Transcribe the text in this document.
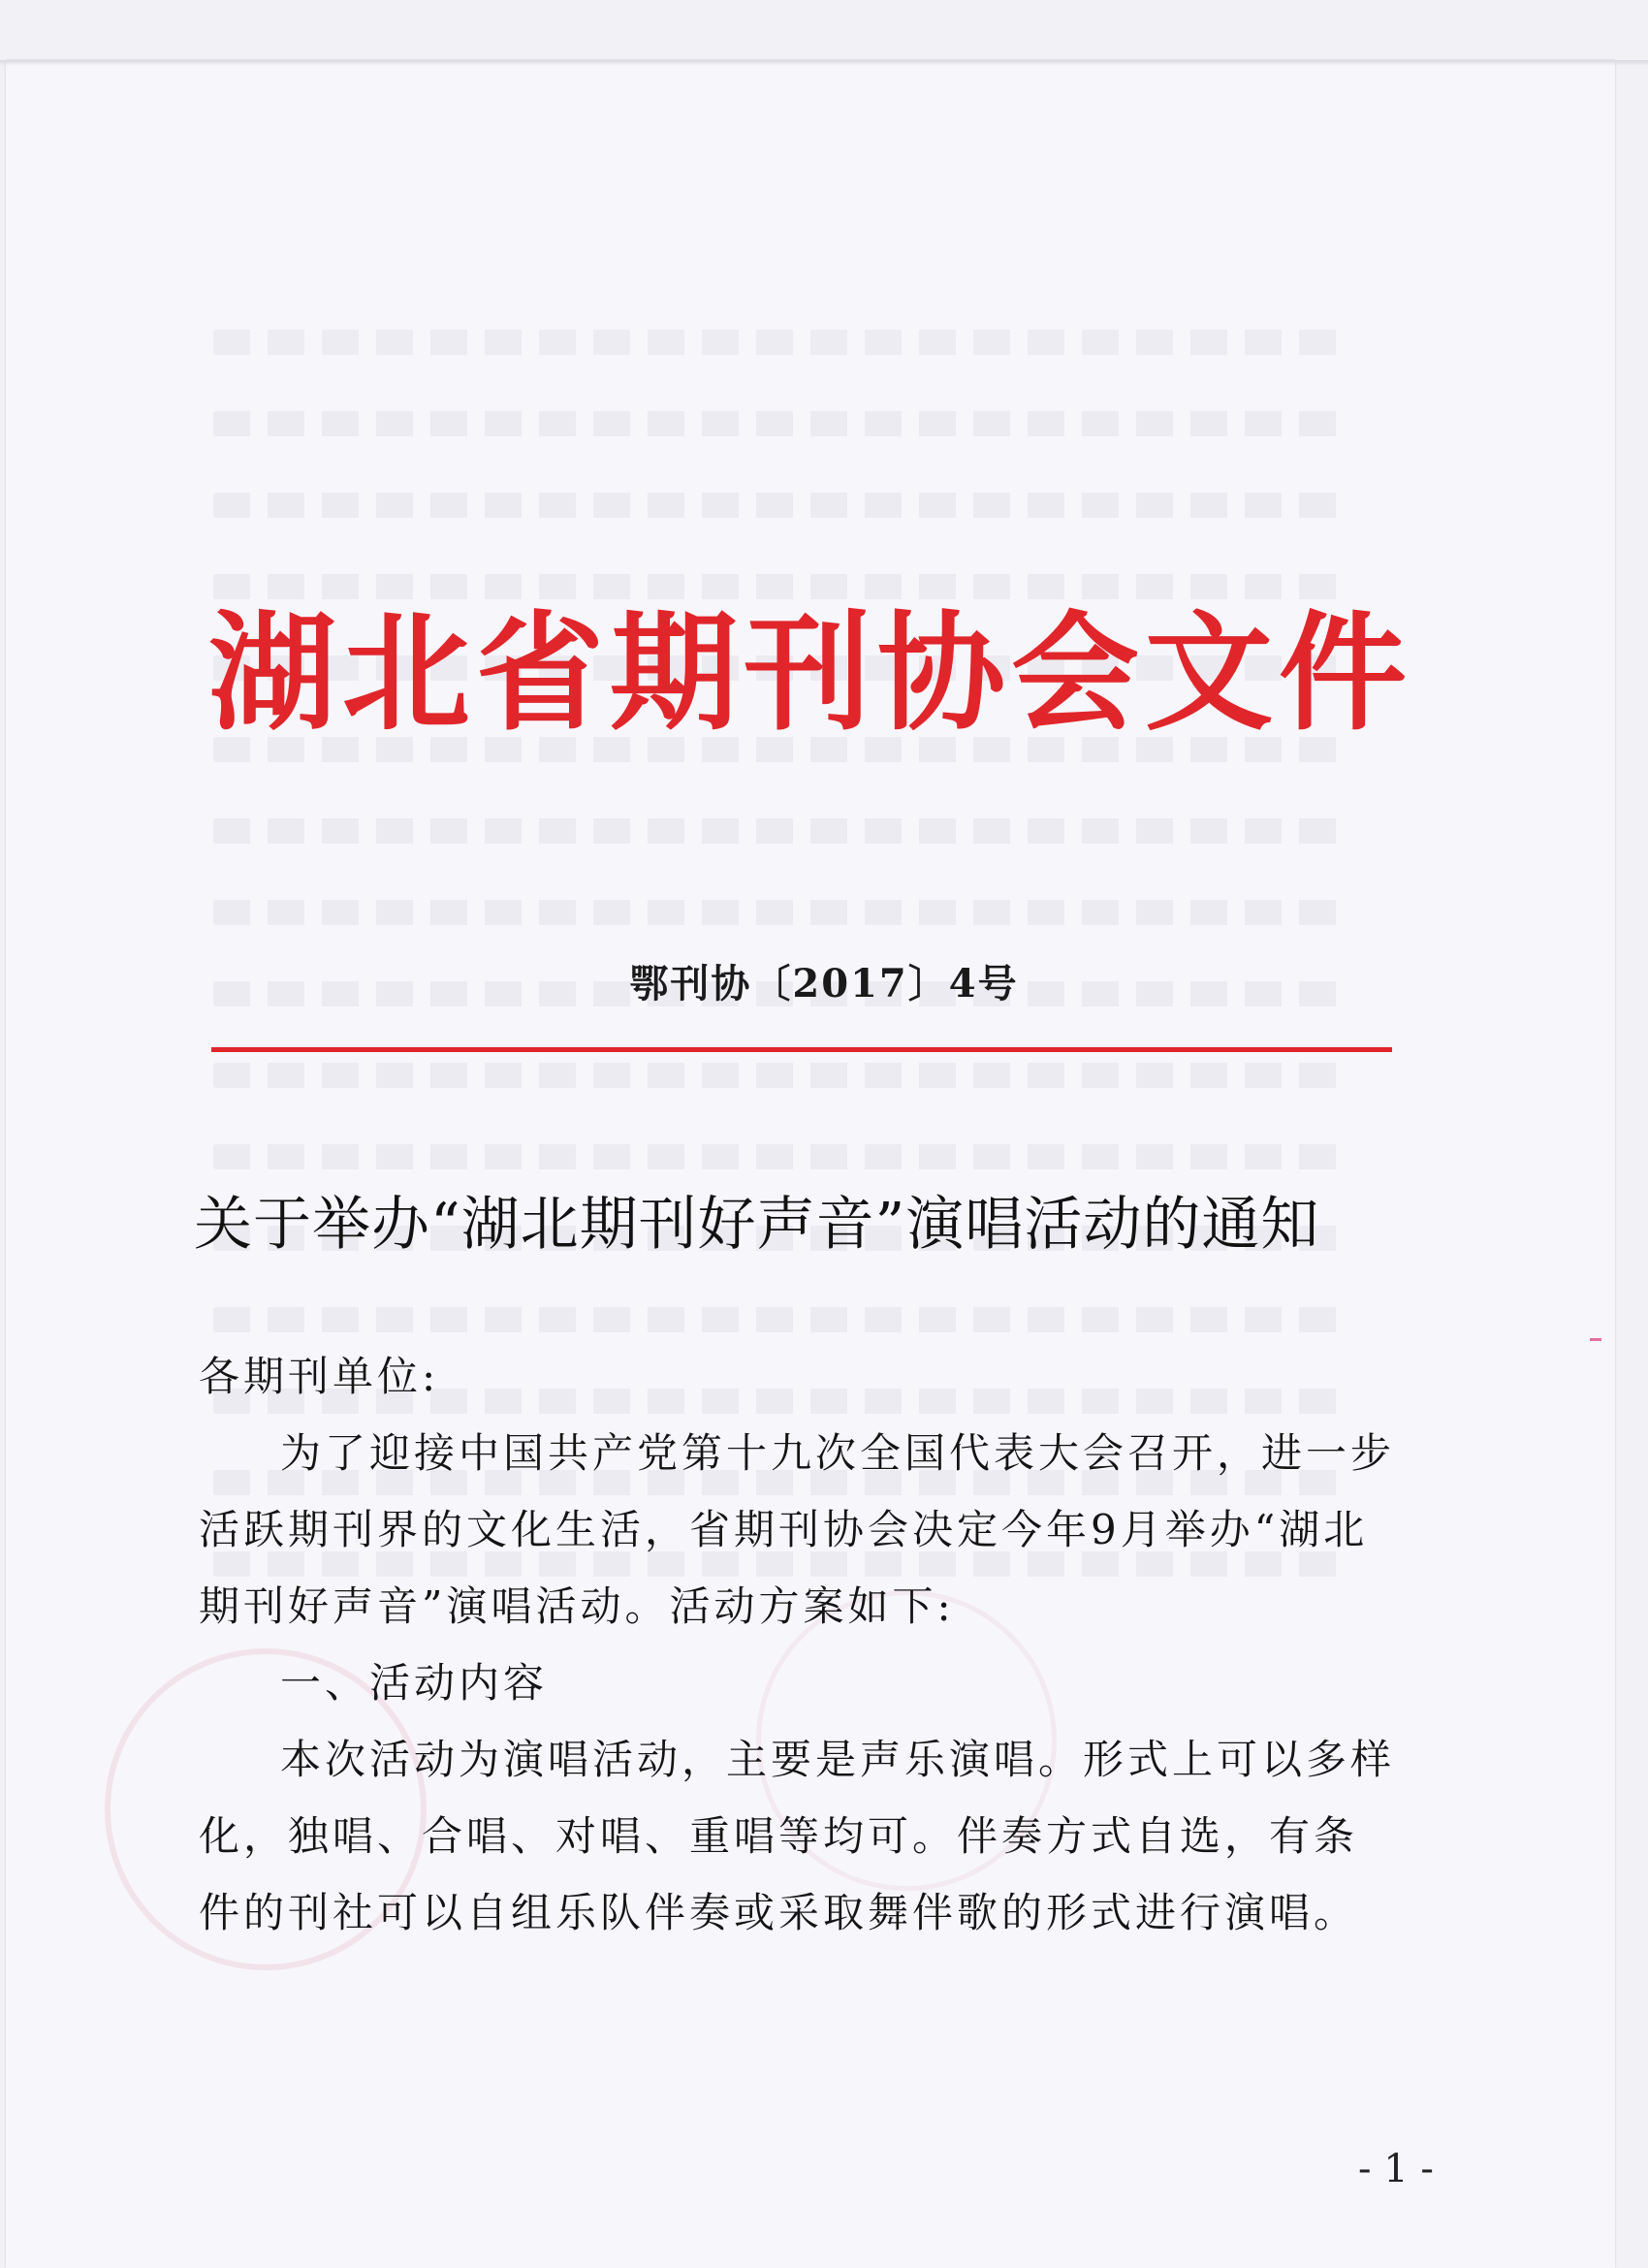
湖北省期刊协会文件
鄂刊协〔2017〕4号
关于举办“湖北期刊好声音”演唱活动的通知

各期刊单位:

为了迎接中国共产党第十九次全国代表大会召开，进一步活跃期刊界的文化生活，省期刊协会决定今年9月举办“湖北期刊好声音”演唱活动。活动方案如下:

一、活动内容

本次活动为演唱活动，主要是声乐演唱。形式上可以多样化，独唱、合唱、对唱、重唱等均可。伴奏方式自选，有条件的刊社可以自组乐队伴奏或采取舞伴歌的形式进行演唱。

- 1 -
